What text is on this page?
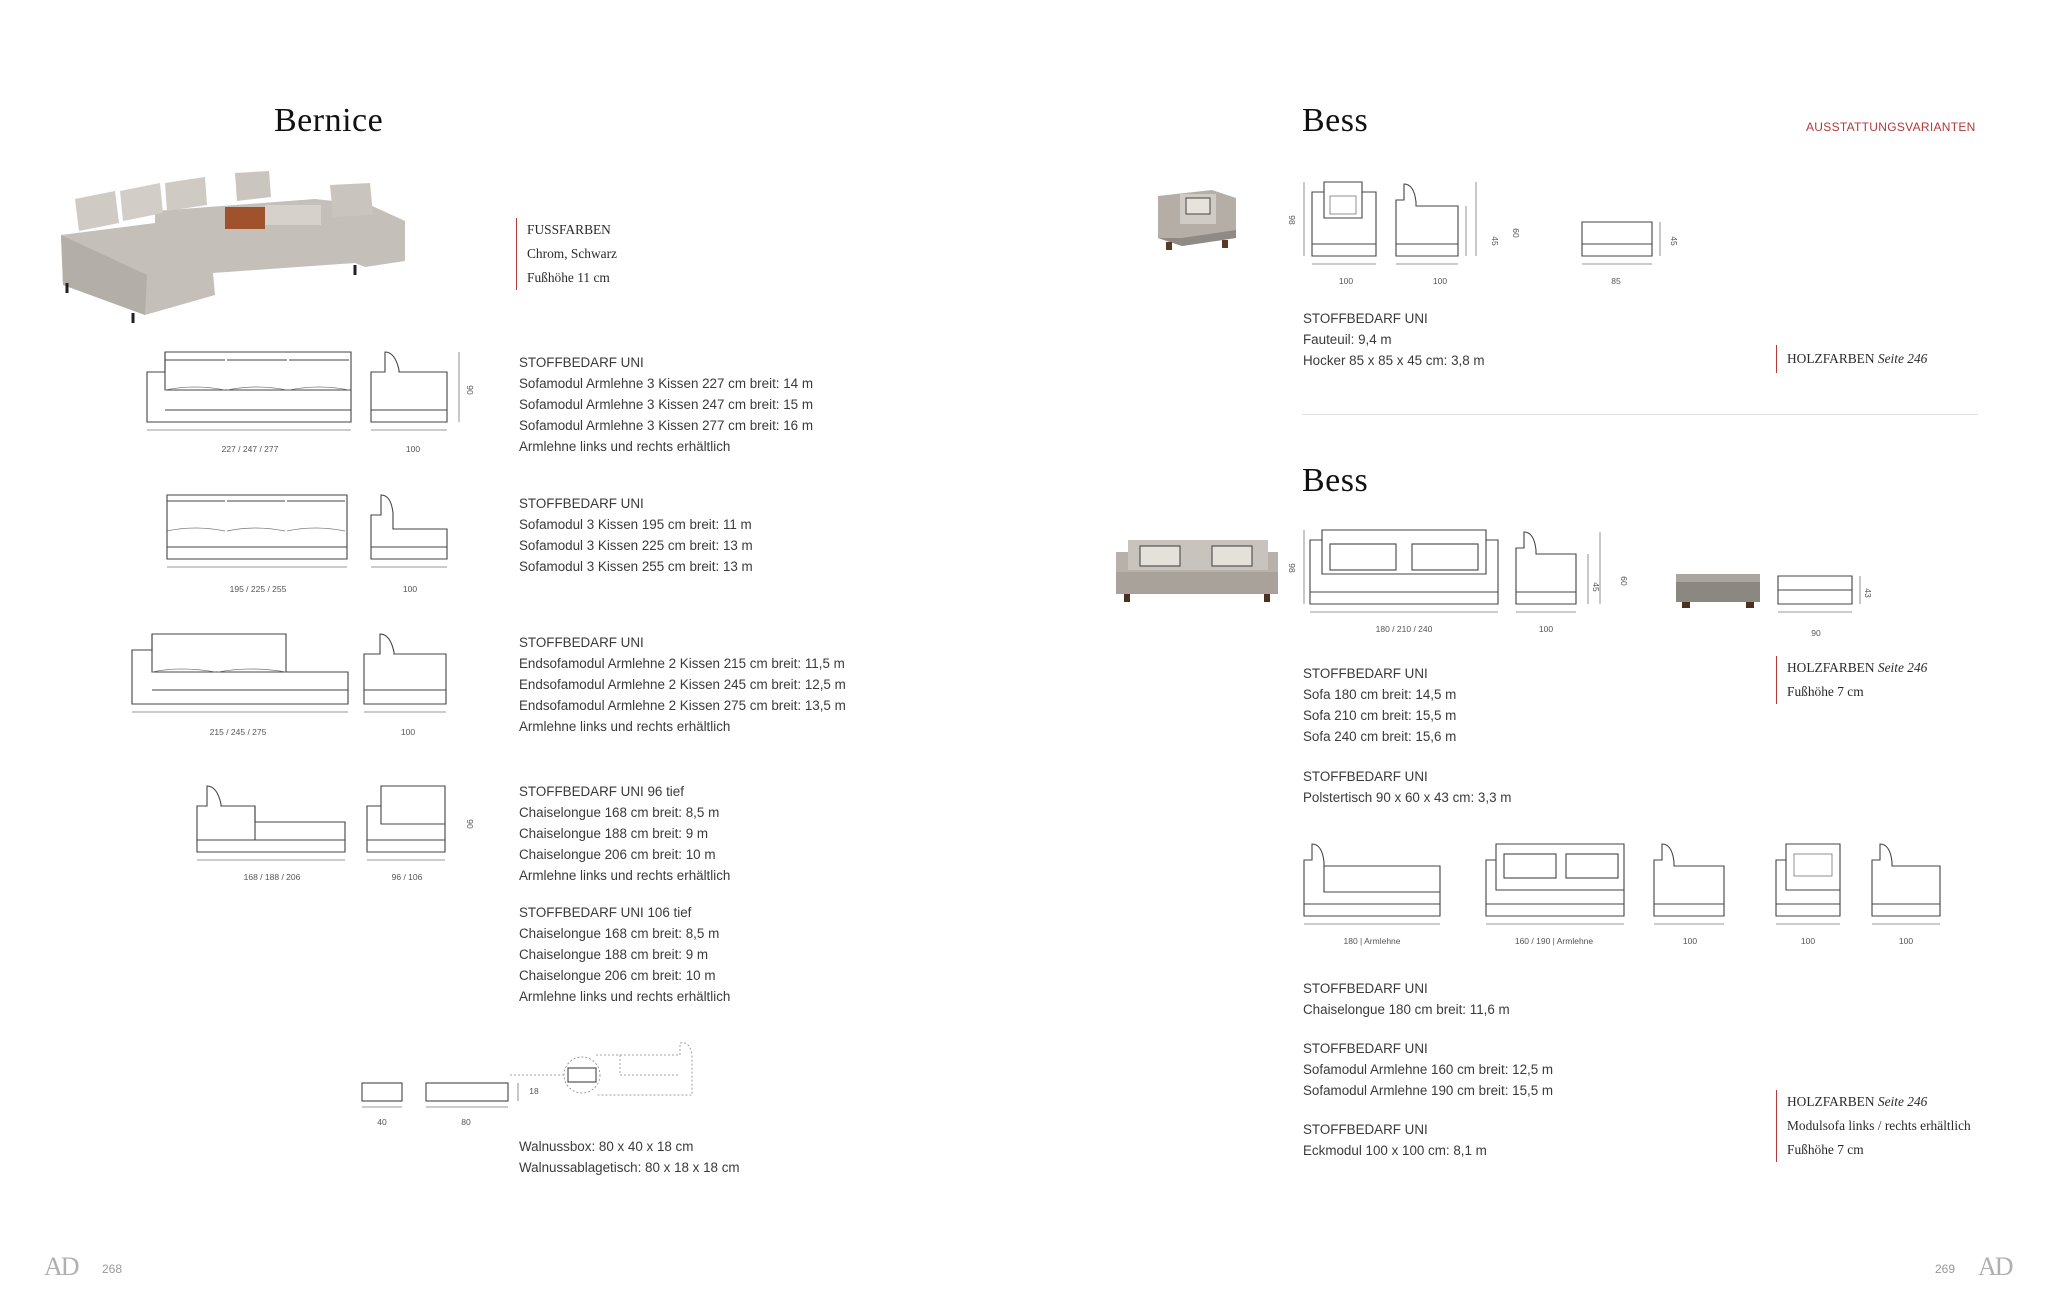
Bernice
FUSSFARBEN
Chrom, Schwarz
Fußhöhe 11 cm
227 / 247 / 277	100
90
STOFFBEDARF UNI
Sofamodul Armlehne 3 Kissen 227 cm breit: 14 m
Sofamodul Armlehne 3 Kissen 247 cm breit: 15 m
Sofamodul Armlehne 3 Kissen 277 cm breit: 16 m
Armlehne links und rechts erhältlich
195 / 225 / 255	100
STOFFBEDARF UNI
Sofamodul 3 Kissen 195 cm breit: 11 m
Sofamodul 3 Kissen 225 cm breit: 13 m
Sofamodul 3 Kissen 255 cm breit: 13 m
215 / 245 / 275	100
STOFFBEDARF UNI
Endsofamodul Armlehne 2 Kissen 215 cm breit: 11,5 m
Endsofamodul Armlehne 2 Kissen 245 cm breit: 12,5 m
Endsofamodul Armlehne 2 Kissen 275 cm breit: 13,5 m
Armlehne links und rechts erhältlich
168 / 188 / 206	96 / 106
90
STOFFBEDARF UNI 96 tief
Chaiselongue 168 cm breit: 8,5 m
Chaiselongue 188 cm breit: 9 m
Chaiselongue 206 cm breit: 10 m
Armlehne links und rechts erhältlich
STOFFBEDARF UNI 106 tief
Chaiselongue 168 cm breit: 8,5 m
Chaiselongue 188 cm breit: 9 m
Chaiselongue 206 cm breit: 10 m
Armlehne links und rechts erhältlich
40	80
18
Walnussbox: 80 x 40 x 18 cm
Walnussablagetisch: 80 x 18 x 18 cm
AD 268
Bess	AUSSTATTUNGSVARIANTEN
98
100	100
45
60
85
45
STOFFBEDARF UNI
Fauteuil: 9,4 m
Hocker 85 x 85 x 45 cm: 3,8 m	HOLZFARBEN Seite 246
Bess
98
180 / 210 / 240	100
45
60
43
90
STOFFBEDARF UNI
Sofa 180 cm breit: 14,5 m
Sofa 210 cm breit: 15,5 m
Sofa 240 cm breit: 15,6 m
HOLZFARBEN Seite 246
Fußhöhe 7 cm
STOFFBEDARF UNI
Polstertisch 90 x 60 x 43 cm: 3,3 m
180 | Armlehne	160 / 190 | Armlehne	100	100	100
STOFFBEDARF UNI
Chaiselongue 180 cm breit: 11,6 m
STOFFBEDARF UNI
Sofamodul Armlehne 160 cm breit: 12,5 m
Sofamodul Armlehne 190 cm breit: 15,5 m
STOFFBEDARF UNI
Eckmodul 100 x 100 cm: 8,1 m
HOLZFARBEN Seite 246
Modulsofa links / rechts erhältlich
Fußhöhe 7 cm
269 AD
